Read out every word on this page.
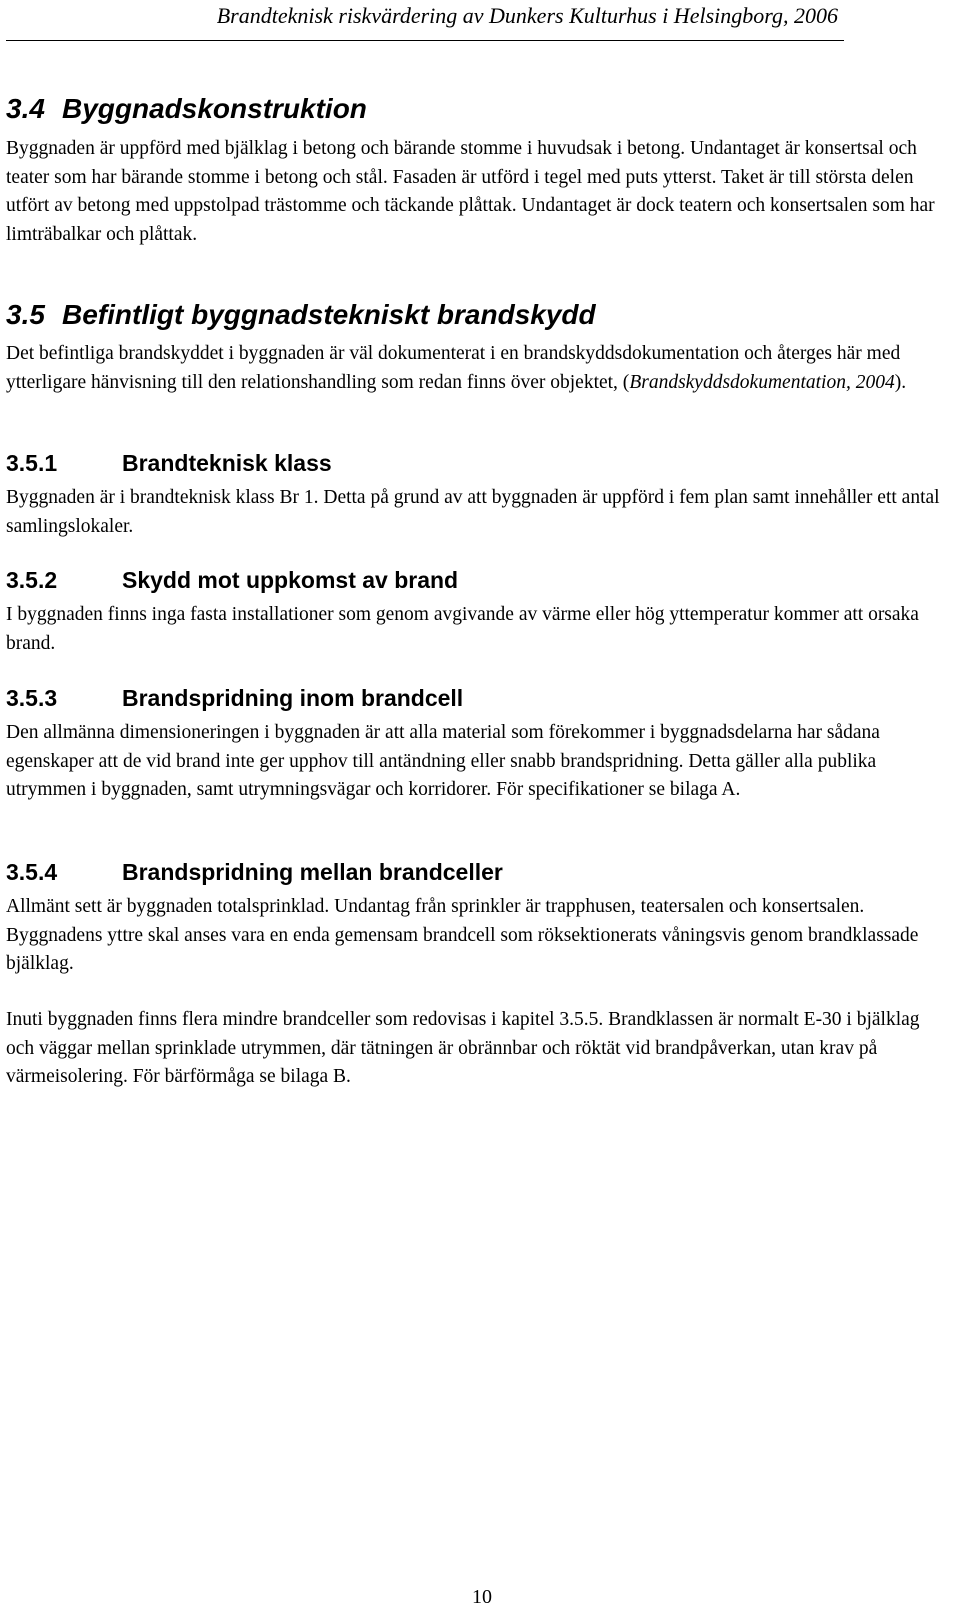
Brandteknisk riskvärdering av Dunkers Kulturhus i Helsingborg, 2006
3.4 Byggnadskonstruktion
Byggnaden är uppförd med bjälklag i betong och bärande stomme i huvudsak i betong. Undantaget är konsertsal och teater som har bärande stomme i betong och stål. Fasaden är utförd i tegel med puts ytterst. Taket är till största delen utfört av betong med uppstolpad trästomme och täckande plåttak. Undantaget är dock teatern och konsertsalen som har limträbalkar och plåttak.
3.5 Befintligt byggnadstekniskt brandskydd
Det befintliga brandskyddet i byggnaden är väl dokumenterat i en brandskyddsdokumentation och återges här med ytterligare hänvisning till den relationshandling som redan finns över objektet, (Brandskyddsdokumentation, 2004).
3.5.1	Brandteknisk klass
Byggnaden är i brandteknisk klass Br 1. Detta på grund av att byggnaden är uppförd i fem plan samt innehåller ett antal samlingslokaler.
3.5.2	Skydd mot uppkomst av brand
I byggnaden finns inga fasta installationer som genom avgivande av värme eller hög yttemperatur kommer att orsaka brand.
3.5.3	Brandspridning inom brandcell
Den allmänna dimensioneringen i byggnaden är att alla material som förekommer i byggnadsdelarna har sådana egenskaper att de vid brand inte ger upphov till antändning eller snabb brandspridning. Detta gäller alla publika utrymmen i byggnaden, samt utrymningsvägar och korridorer. För specifikationer se bilaga A.
3.5.4	Brandspridning mellan brandceller
Allmänt sett är byggnaden totalsprinklad. Undantag från sprinkler är trapphusen, teatersalen och konsertsalen. Byggnadens yttre skal anses vara en enda gemensam brandcell som röksektionerats våningsvis genom brandklassade bjälklag.
Inuti byggnaden finns flera mindre brandceller som redovisas i kapitel 3.5.5. Brandklassen är normalt E-30 i bjälklag och väggar mellan sprinklade utrymmen, där tätningen är obrännbar och röktät vid brandpåverkan, utan krav på värmeisolering. För bärförmåga se bilaga B.
10
